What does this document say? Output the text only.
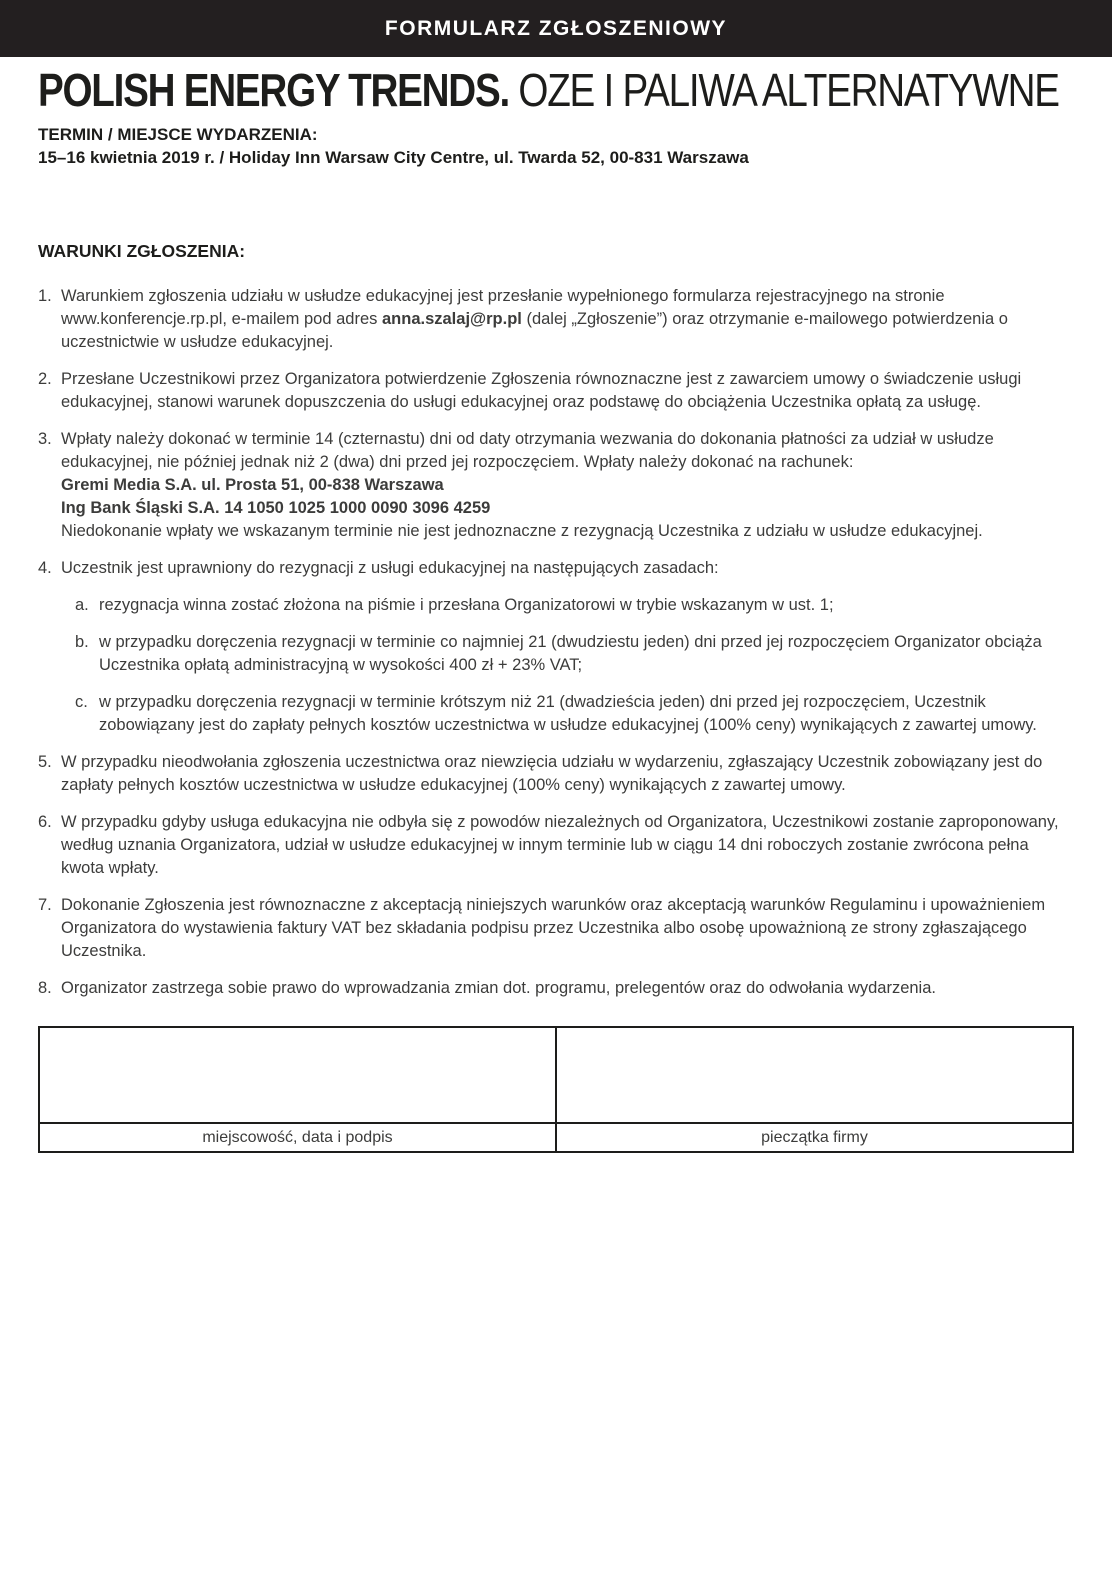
FORMULARZ ZGŁOSZENIOWY
POLISH ENERGY TRENDS. OZE I PALIWA ALTERNATYWNE
TERMIN / MIEJSCE WYDARZENIA:
15–16 kwietnia 2019 r. / Holiday Inn Warsaw City Centre, ul. Twarda 52, 00-831 Warszawa
WARUNKI ZGŁOSZENIA:
1. Warunkiem zgłoszenia udziału w usłudze edukacyjnej jest przesłanie wypełnionego formularza rejestracyjnego na stronie www.konferencje.rp.pl, e-mailem pod adres anna.szalaj@rp.pl (dalej „Zgłoszenie”) oraz otrzymanie e-mailowego potwierdzenia o uczestnictwie w usłudze edukacyjnej.
2. Przesłane Uczestnikowi przez Organizatora potwierdzenie Zgłoszenia równoznaczne jest z zawarciem umowy o świadczenie usługi edukacyjnej, stanowi warunek dopuszczenia do usługi edukacyjnej oraz podstawę do obciążenia Uczestnika opłatą za usługę.
3. Wpłaty należy dokonać w terminie 14 (czternastu) dni od daty otrzymania wezwania do dokonania płatności za udział w usłudze edukacyjnej, nie później jednak niż 2 (dwa) dni przed jej rozpoczęciem. Wpłaty należy dokonać na rachunek:
Gremi Media S.A. ul. Prosta 51, 00-838 Warszawa
Ing Bank Śląski S.A. 14 1050 1025 1000 0090 3096 4259
Niedokonanie wpłaty we wskazanym terminie nie jest jednoznaczne z rezygnacją Uczestnika z udziału w usłudze edukacyjnej.
4. Uczestnik jest uprawniony do rezygnacji z usługi edukacyjnej na następujących zasadach:
a. rezygnacja winna zostać złożona na piśmie i przesłana Organizatorowi w trybie wskazanym w ust. 1;
b. w przypadku doręczenia rezygnacji w terminie co najmniej 21 (dwudziestu jeden) dni przed jej rozpoczęciem Organizator obciąża Uczestnika opłatą administracyjną w wysokości 400 zł + 23% VAT;
c. w przypadku doręczenia rezygnacji w terminie krótszym niż 21 (dwadzieścia jeden) dni przed jej rozpoczęciem, Uczestnik zobowiązany jest do zapłaty pełnych kosztów uczestnictwa w usłudze edukacyjnej (100% ceny) wynikających z zawartej umowy.
5. W przypadku nieodwołania zgłoszenia uczestnictwa oraz niewzięcia udziału w wydarzeniu, zgłaszający Uczestnik zobowiązany jest do zapłaty pełnych kosztów uczestnictwa w usłudze edukacyjnej (100% ceny) wynikających z zawartej umowy.
6. W przypadku gdyby usługa edukacyjna nie odbyła się z powodów niezależnych od Organizatora, Uczestnikowi zostanie zaproponowany, według uznania Organizatora, udział w usłudze edukacyjnej w innym terminie lub w ciągu 14 dni roboczych zostanie zwrócona pełna kwota wpłaty.
7. Dokonanie Zgłoszenia jest równoznaczne z akceptacją niniejszych warunków oraz akceptacją warunków Regulaminu i upoważnieniem Organizatora do wystawienia faktury VAT bez składania podpisu przez Uczestnika albo osobę upoważnioną ze strony zgłaszającego Uczestnika.
8. Organizator zastrzega sobie prawo do wprowadzania zmian dot. programu, prelegentów oraz do odwołania wydarzenia.

miejscowość, data i podpis	pieczątka firmy
